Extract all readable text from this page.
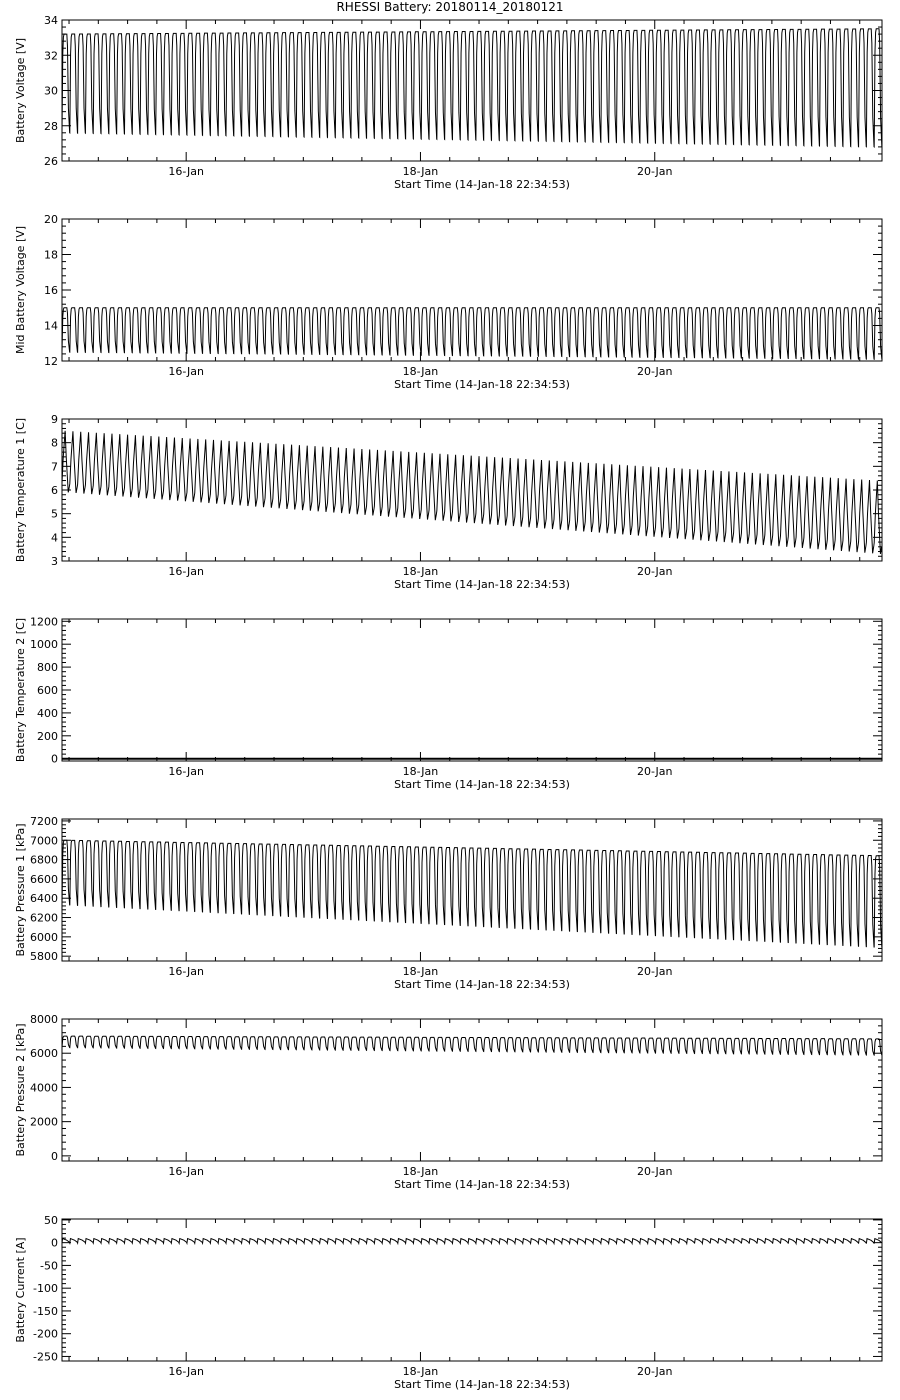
RHESSI Battery: 20180114_20180121
26
28
30
32
34
16-Jan	18-Jan	20-Jan
Start Time (14-Jan-18 22:34:53)
Battery Voltage [V]
12
14
16
18
20
16-Jan	18-Jan	20-Jan
Start Time (14-Jan-18 22:34:53)
Mid Battery Voltage [V]
3
4
5
6
7
8
9
16-Jan	18-Jan	20-Jan
Start Time (14-Jan-18 22:34:53)
Battery Temperature 1 [C]
0
200
400
600
800
1000
1200
16-Jan	18-Jan	20-Jan
Start Time (14-Jan-18 22:34:53)
Battery Temperature 2 [C]
5800
6000
6200
6400
6600
6800
7000
7200
16-Jan	18-Jan	20-Jan
Start Time (14-Jan-18 22:34:53)
Battery Pressure 1 [kPa]
0
2000
4000
6000
8000
16-Jan	18-Jan	20-Jan
Start Time (14-Jan-18 22:34:53)
Battery Pressure 2 [kPa]
-250
-200
-150
-100
-50
0
50
16-Jan	18-Jan	20-Jan
Start Time (14-Jan-18 22:34:53)
Battery Current [A]
